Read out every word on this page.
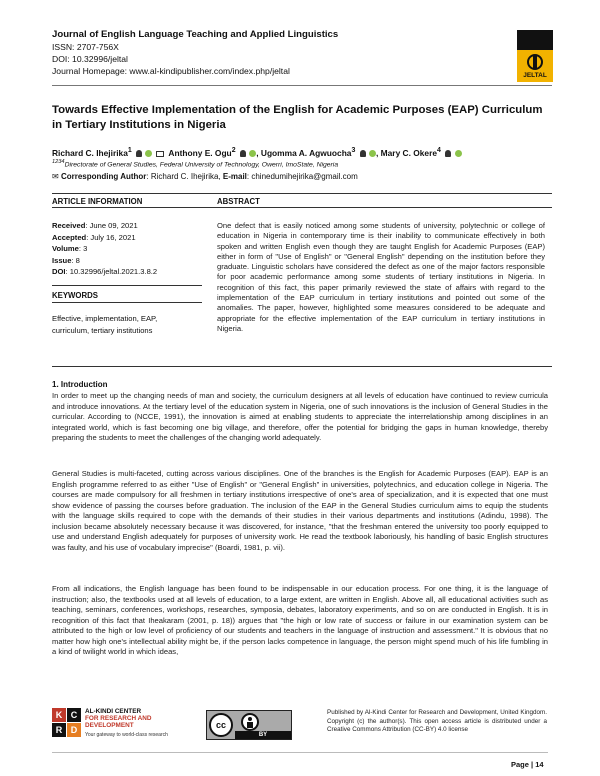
Journal of English Language Teaching and Applied Linguistics
ISSN: 2707-756X
DOI: 10.32996/jeltal
Journal Homepage: www.al-kindipublisher.com/index.php/jeltal	JELTAL
Towards Effective Implementation of the English for Academic Purposes (EAP) Curriculum in Tertiary Institutions in Nigeria
Richard C. Ihejirika$^1$	Anthony E. Ogu$^2$ , Ugomma A. Agwuocha$^3$ , Mary C. Okere$^4$
$^{1234}$Directorate of General Studies, Federal University of Technology, Owerri, ImoState, Nigeria
✉ Corresponding Author: Richard C. Ihejirika, E-mail: chinedumihejirika@gmail.com
ARTICLE INFORMATION	ABSTRACT
Received: June 09, 2021
Accepted: July 16, 2021
Volume: 3
Issue: 8
DOI: 10.32996/jeltal.2021.3.8.2
KEYWORDS
Effective, implementation, EAP, curriculum, tertiary institutions
One defect that is easily noticed among some students of university, polytechnic or college of education in Nigeria in contemporary time is their inability to communicate effectively in both spoken and written English even though they are taught English for Academic Purposes (EAP) either in form of "Use of English" or "General English" depending on the institution before they graduate. Linguistic scholars have considered the defect as one of the major factors responsible for poor academic performance among some students of tertiary institutions in Nigeria. In recognition of this fact, this paper primarily reviewed the state of affairs with regard to the implementation of the EAP curriculum in tertiary institutions and pointed out some of the anomalies. The paper, however, highlighted some measures considered to be adequate and appropriate for the effective implementation of the EAP curriculum in tertiary institutions in Nigeria.
1. Introduction
In order to meet up the changing needs of man and society, the curriculum designers at all levels of education have continued to review curricula and introduce innovations. At the tertiary level of the education system in Nigeria, one of such innovations is the inclusion of General Studies in the curricular. According to (NCCE, 1991), the innovation is aimed at enabling students to appreciate the interrelationship among disciplines in an integrated world, which is fast becoming one big village, and therefore, offer the potential for bridging the gaps in human knowledge, thereby preparing the students to meet the challenges of the changing world adequately.
General Studies is multi-faceted, cutting across various disciplines. One of the branches is the English for Academic Purposes (EAP). EAP is an English programme referred to as either "Use of English" or "General English" in universities, polytechnics, and education college in Nigeria. The courses are made compulsory for all freshmen in tertiary institutions irrespective of one's area of specialization, and it is expected that one must show evidence of passing the courses before graduation. The inclusion of the EAP in the General Studies curriculum aims to equip the students with the language skills required to cope with the demands of their studies in their various departments and institutions (Adindu, 1998). The inclusion became absolutely necessary because it was discovered, for instance, "that the freshman entered the university too poorly equipped to use and understand English adequately for purposes of university work. He read the textbook laboriously, his handling of basic English structures was faulty, and his use of vocabulary imprecise" (Boardi, 1981, p. vii).
From all indications, the English language has been found to be indispensable in our education process. For one thing, it is the language of instruction; also, the textbooks used at all levels of education, to a large extent, are written in English. Above all, all educational activities such as teaching, seminars, conferences, workshops, researches, symposia, debates, laboratory experiments, and so on are conducted in English. It is in recognition of this fact that Iheakaram (2001, p. 18)) argues that "the high or low rate of success or failure in our examination system can be attributed to the high or low level of proficiency of our students and teachers in the language of instruction and assessment." It is obvious that no matter how high one's intellectual ability might be, if the person lacks competence in language, the person might spend much of his life fumbling in a kind of twilight world in which ideas,
K C
R D
AL-KINDI CENTER
FOR RESEARCH AND
DEVELOPMENT
Your gateway to world-class research
cc
BY
Published by Al-Kindi Center for Research and Development, United Kingdom. Copyright (c) the author(s). This open access article is distributed under a Creative Commons Attribution (CC-BY) 4.0 license
Page | 14
